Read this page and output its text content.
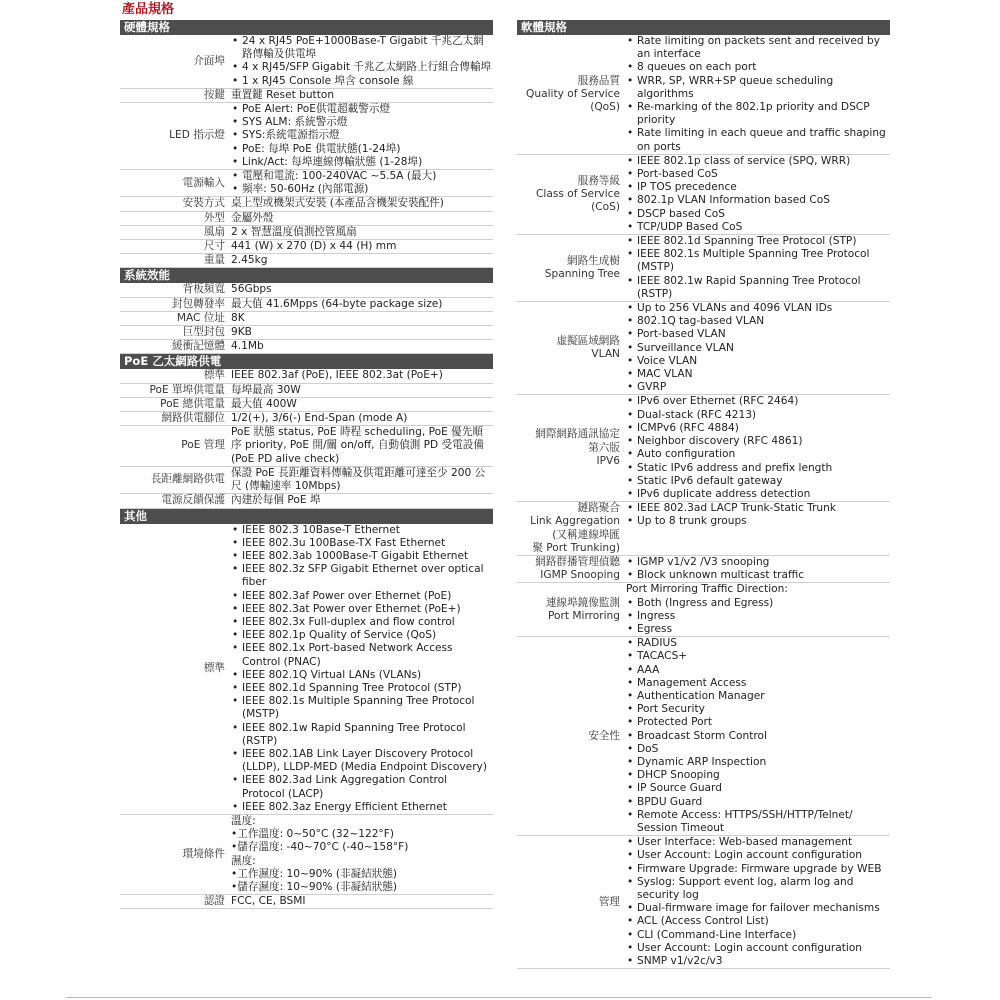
產品規格
硬體規格
介面埠
• 24 x RJ45 PoE+1000Base-T Gigabit 千兆乙太網路傳輸及供電埠
• 4 x RJ45/SFP Gigabit 千兆乙太網路上行組合傳輸埠
• 1 x RJ45 Console 埠含 console 線
按鍵 重置鍵 Reset button
LED 指示燈
• PoE Alert: PoE供電超載警示燈
• SYS ALM: 系統警示燈
• SYS:系統電源指示燈
• PoE: 每埠 PoE 供電狀態(1-24埠)
• Link/Act: 每埠連線傳輸狀態 (1-28埠)
電源輸入
• 電壓和電流: 100-240VAC ~5.5A (最大)
• 頻率: 50-60Hz (內部電源)
安裝方式 桌上型或機架式安裝 (本產品含機架安裝配件)
外型 金屬外殼
風扇 2 x 智慧溫度偵測控管風扇
尺寸 441 (W) x 270 (D) x 44 (H) mm
重量 2.45kg
系統效能
背板頻寬 56Gbps
封包轉發率 最大值 41.6Mpps (64-byte package size)
MAC 位址 8K
巨型封包 9KB
緩衝記憶體 4.1Mb
PoE 乙太網路供電
標準 IEEE 802.3af (PoE), IEEE 802.3at (PoE+)
PoE 單埠供電量 每埠最高 30W
PoE 總供電量 最大值 400W
網路供電腳位 1/2(+), 3/6(-) End-Span (mode A)
PoE 管理
PoE 狀態 status, PoE 時程 scheduling, PoE 優先順序 priority, PoE 開/關 on/off, 自動偵測 PD 受電設備 (PoE PD alive check)
長距離網路供電
保證 PoE 長距離資料傳輸及供電距離可達至少 200 公尺 (傳輸速率 10Mbps)
電源反饋保護 內建於每個 PoE 埠
其他
標準
• IEEE 802.3 10Base-T Ethernet
• IEEE 802.3u 100Base-TX Fast Ethernet
• IEEE 802.3ab 1000Base-T Gigabit Ethernet
• IEEE 802.3z SFP Gigabit Ethernet over optical fiber
• IEEE 802.3af Power over Ethernet (PoE)
• IEEE 802.3at Power over Ethernet (PoE+)
• IEEE 802.3x Full-duplex and flow control
• IEEE 802.1p Quality of Service (QoS)
• IEEE 802.1x Port-based Network Access Control (PNAC)
• IEEE 802.1Q Virtual LANs (VLANs)
• IEEE 802.1d Spanning Tree Protocol (STP)
• IEEE 802.1s Multiple Spanning Tree Protocol (MSTP)
• IEEE 802.1w Rapid Spanning Tree Protocol (RSTP)
• IEEE 802.1AB Link Layer Discovery Protocol (LLDP), LLDP-MED (Media Endpoint Discovery)
• IEEE 802.3ad Link Aggregation Control Protocol (LACP)
• IEEE 802.3az Energy Efficient Ethernet
環境條件
溫度:
•工作溫度: 0~50°C (32~122°F)
•儲存溫度: -40~70°C (-40~158°F)
濕度:
•工作濕度: 10~90% (非凝結狀態)
•儲存濕度: 10~90% (非凝結狀態)
認證 FCC, CE, BSMI
軟體規格
服務品質
Quality of Service
(QoS)
• Rate limiting on packets sent and received by an interface
• 8 queues on each port
• WRR, SP, WRR+SP queue scheduling algorithms
• Re-marking of the 802.1p priority and DSCP priority
• Rate limiting in each queue and traffic shaping on ports
服務等級
Class of Service
(CoS)
• IEEE 802.1p class of service (SPQ, WRR)
• Port-based CoS
• IP TOS precedence
• 802.1p VLAN Information based CoS
• DSCP based CoS
• TCP/UDP Based CoS
網路生成樹
Spanning Tree
• IEEE 802.1d Spanning Tree Protocol (STP)
• IEEE 802.1s Multiple Spanning Tree Protocol (MSTP)
• IEEE 802.1w Rapid Spanning Tree Protocol (RSTP)
虛擬區域網路
VLAN
• Up to 256 VLANs and 4096 VLAN IDs
• 802.1Q tag-based VLAN
• Port-based VLAN
• Surveillance VLAN
• Voice VLAN
• MAC VLAN
• GVRP
網際網路通訊協定
第六版
IPV6
• IPv6 over Ethernet (RFC 2464)
• Dual-stack (RFC 4213)
• ICMPv6 (RFC 4884)
• Neighbor discovery (RFC 4861)
• Auto configuration
• Static IPv6 address and prefix length
• Static IPv6 default gateway
• IPv6 duplicate address detection
鏈路聚合
Link Aggregation
(又稱連線埠匯
聚 Port Trunking)
• IEEE 802.3ad LACP Trunk-Static Trunk
• Up to 8 trunk groups
網路群播管理偵聽
IGMP Snooping
• IGMP v1/v2 /V3 snooping
• Block unknown multicast traffic
連線埠鏡像監測
Port Mirroring
Port Mirroring Traffic Direction:
• Both (Ingress and Egress)
• Ingress
• Egress
安全性
• RADIUS
• TACACS+
• AAA
• Management Access
• Authentication Manager
• Port Security
• Protected Port
• Broadcast Storm Control
• DoS
• Dynamic ARP Inspection
• DHCP Snooping
• IP Source Guard
• BPDU Guard
• Remote Access: HTTPS/SSH/HTTP/Telnet/ Session Timeout
管理
• User Interface: Web-based management
• User Account: Login account configuration
• Firmware Upgrade: Firmware upgrade by WEB
• Syslog: Support event log, alarm log and security log
• Dual-firmware image for failover mechanisms
• ACL (Access Control List)
• CLI (Command-Line Interface)
• User Account: Login account configuration
• SNMP v1/v2c/v3
